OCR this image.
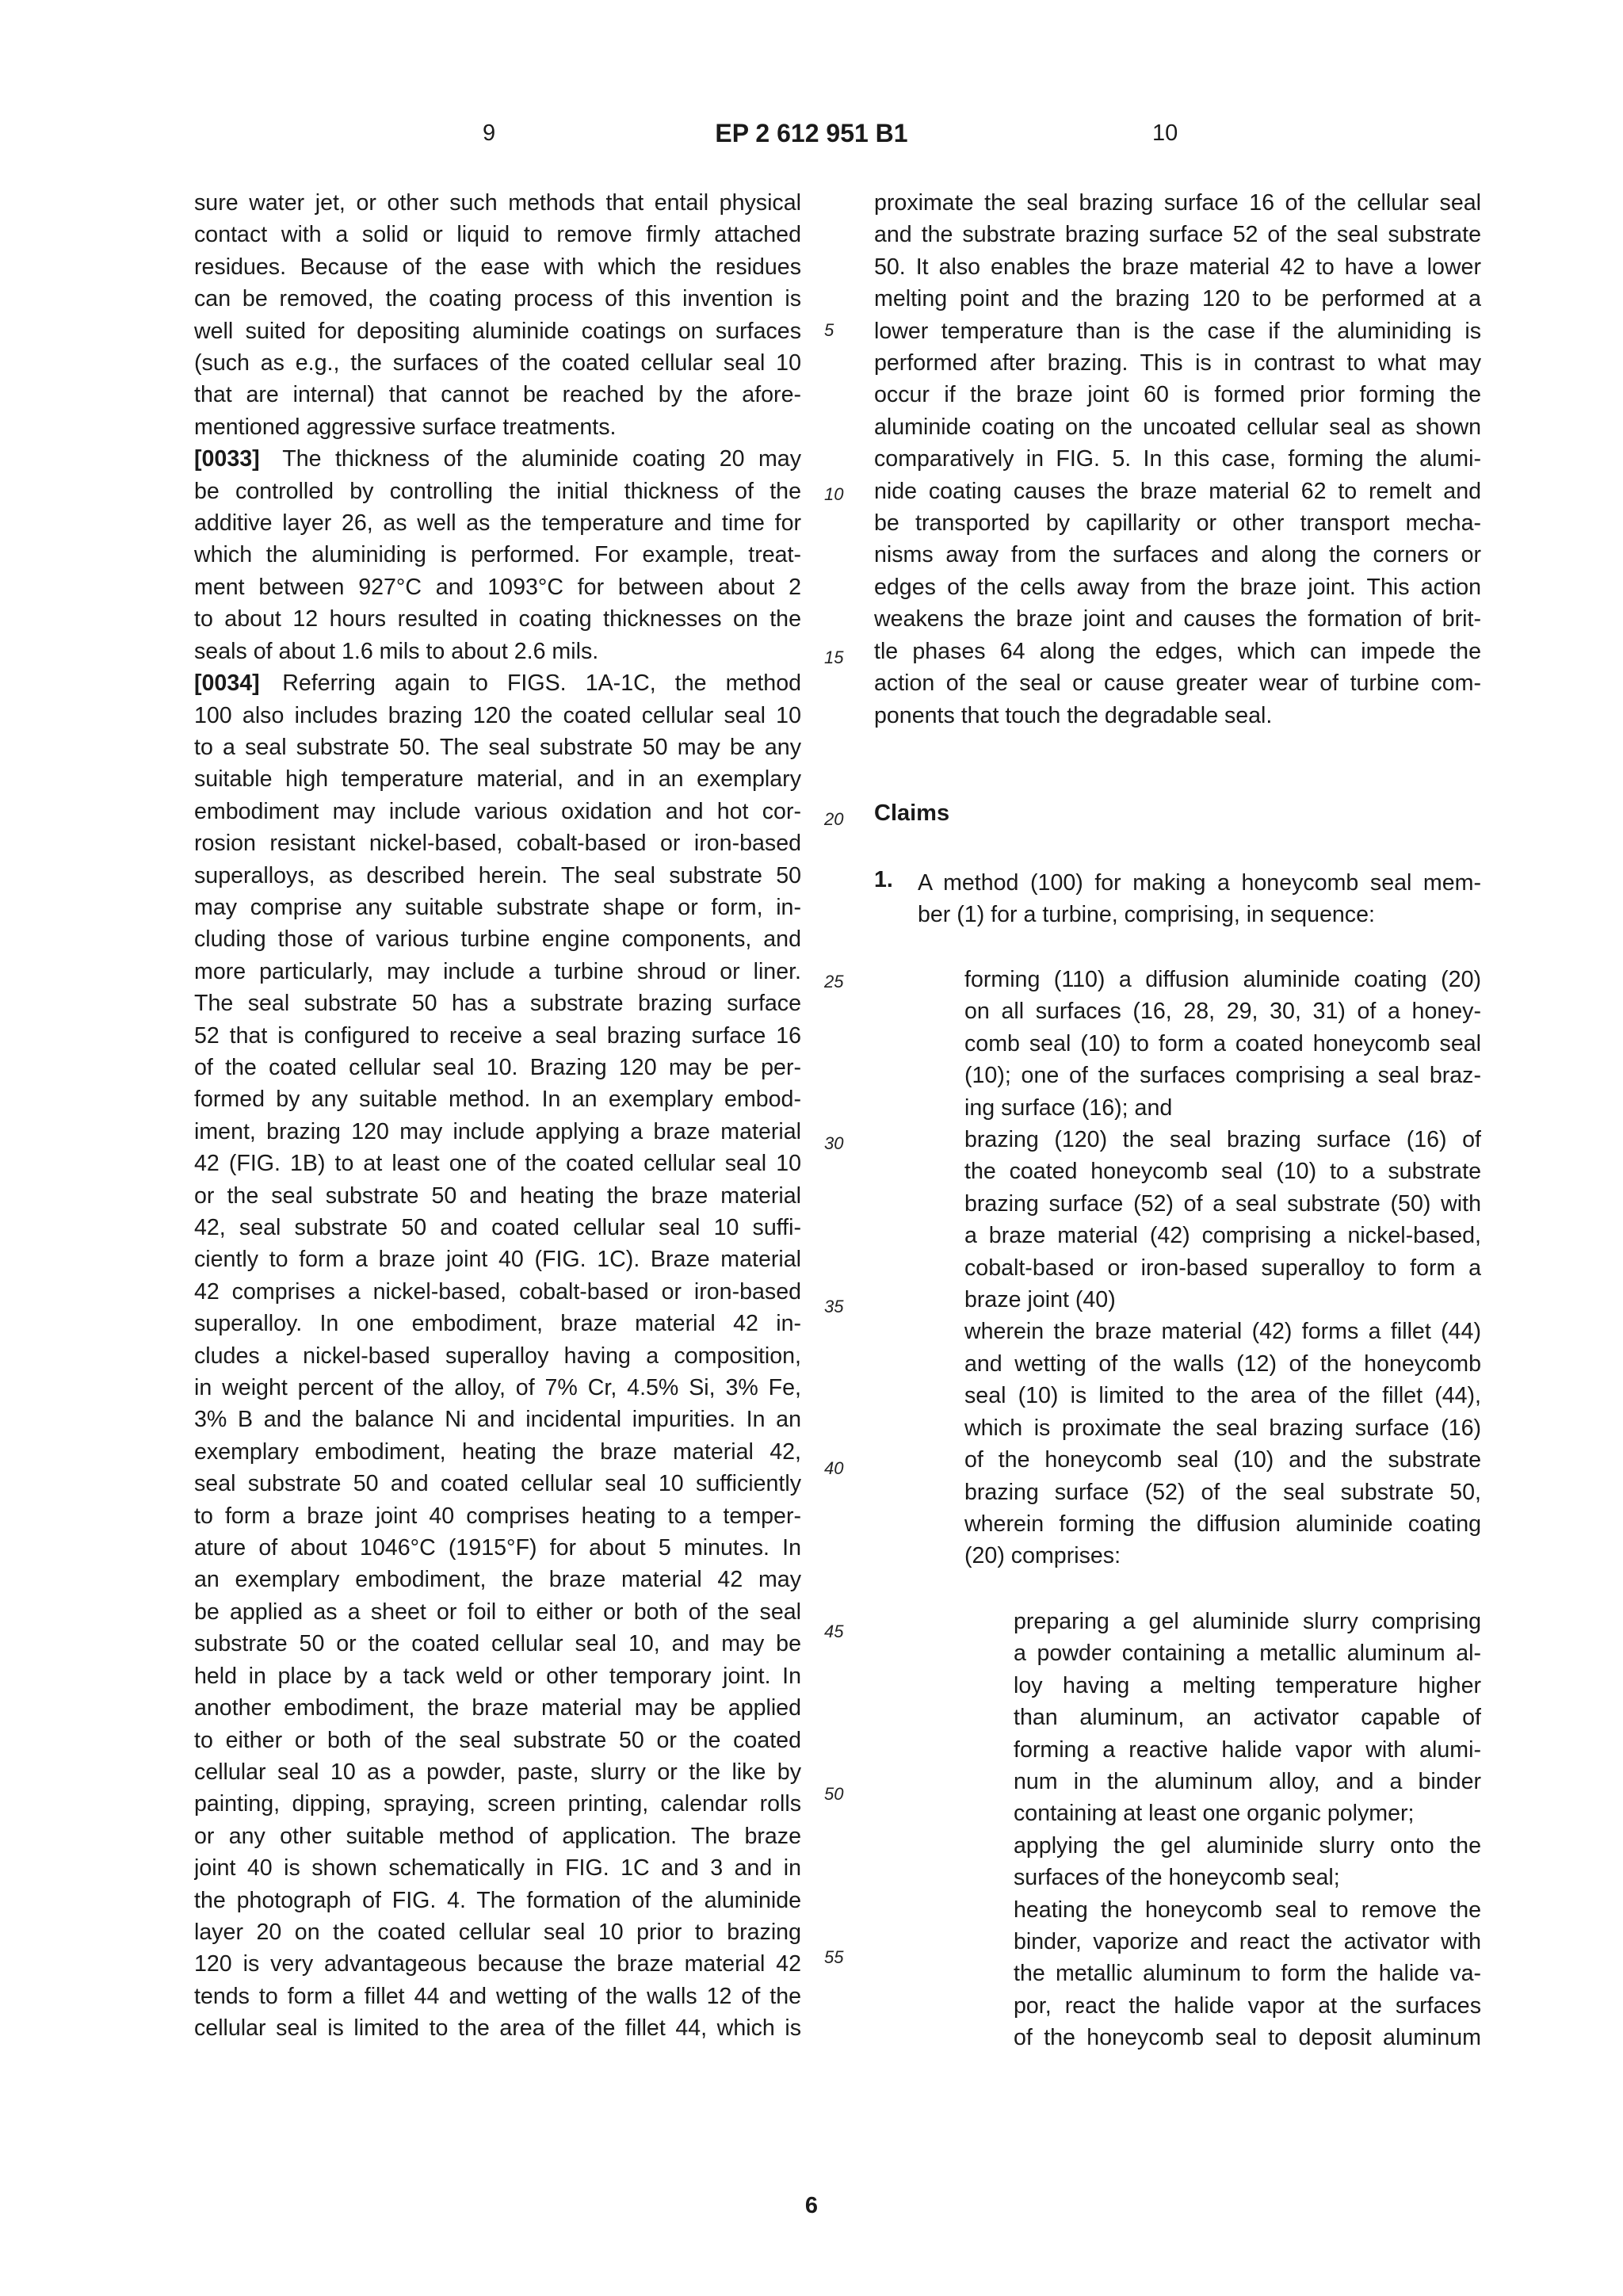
9	EP 2 612 951 B1	10
sure water jet, or other such methods that entail physical
contact with a solid or liquid to remove firmly attached
residues. Because of the ease with which the residues
can be removed, the coating process of this invention is
well suited for depositing aluminide coatings on surfaces
(such as e.g., the surfaces of the coated cellular seal 10
that are internal) that cannot be reached by the afore-
mentioned aggressive surface treatments.
[0033] The thickness of the aluminide coating 20 may
be controlled by controlling the initial thickness of the
additive layer 26, as well as the temperature and time for
which the aluminiding is performed. For example, treat-
ment between 927°C and 1093°C for between about 2
to about 12 hours resulted in coating thicknesses on the
seals of about 1.6 mils to about 2.6 mils.
[0034] Referring again to FIGS. 1A-1C, the method
100 also includes brazing 120 the coated cellular seal 10
to a seal substrate 50. The seal substrate 50 may be any
suitable high temperature material, and in an exemplary
embodiment may include various oxidation and hot cor-
rosion resistant nickel-based, cobalt-based or iron-based
superalloys, as described herein. The seal substrate 50
may comprise any suitable substrate shape or form, in-
cluding those of various turbine engine components, and
more particularly, may include a turbine shroud or liner.
The seal substrate 50 has a substrate brazing surface
52 that is configured to receive a seal brazing surface 16
of the coated cellular seal 10. Brazing 120 may be per-
formed by any suitable method. In an exemplary embod-
iment, brazing 120 may include applying a braze material
42 (FIG. 1B) to at least one of the coated cellular seal 10
or the seal substrate 50 and heating the braze material
42, seal substrate 50 and coated cellular seal 10 suffi-
ciently to form a braze joint 40 (FIG. 1C). Braze material
42 comprises a nickel-based, cobalt-based or iron-based
superalloy. In one embodiment, braze material 42 in-
cludes a nickel-based superalloy having a composition,
in weight percent of the alloy, of 7% Cr, 4.5% Si, 3% Fe,
3% B and the balance Ni and incidental impurities. In an
exemplary embodiment, heating the braze material 42,
seal substrate 50 and coated cellular seal 10 sufficiently
to form a braze joint 40 comprises heating to a temper-
ature of about 1046°C (1915°F) for about 5 minutes. In
an exemplary embodiment, the braze material 42 may
be applied as a sheet or foil to either or both of the seal
substrate 50 or the coated cellular seal 10, and may be
held in place by a tack weld or other temporary joint. In
another embodiment, the braze material may be applied
to either or both of the seal substrate 50 or the coated
cellular seal 10 as a powder, paste, slurry or the like by
painting, dipping, spraying, screen printing, calendar rolls
or any other suitable method of application. The braze
joint 40 is shown schematically in FIG. 1C and 3 and in
the photograph of FIG. 4. The formation of the aluminide
layer 20 on the coated cellular seal 10 prior to brazing
120 is very advantageous because the braze material 42
tends to form a fillet 44 and wetting of the walls 12 of the
cellular seal is limited to the area of the fillet 44, which is
proximate the seal brazing surface 16 of the cellular seal
and the substrate brazing surface 52 of the seal substrate
50. It also enables the braze material 42 to have a lower
melting point and the brazing 120 to be performed at a
lower temperature than is the case if the aluminiding is
performed after brazing. This is in contrast to what may
occur if the braze joint 60 is formed prior forming the
aluminide coating on the uncoated cellular seal as shown
comparatively in FIG. 5. In this case, forming the alumi-
nide coating causes the braze material 62 to remelt and
be transported by capillarity or other transport mecha-
nisms away from the surfaces and along the corners or
edges of the cells away from the braze joint. This action
weakens the braze joint and causes the formation of brit-
tle phases 64 along the edges, which can impede the
action of the seal or cause greater wear of turbine com-
ponents that touch the degradable seal.
Claims
1. A method (100) for making a honeycomb seal mem-
ber (1) for a turbine, comprising, in sequence:
forming (110) a diffusion aluminide coating (20)
on all surfaces (16, 28, 29, 30, 31) of a honey-
comb seal (10) to form a coated honeycomb seal
(10); one of the surfaces comprising a seal braz-
ing surface (16); and
brazing (120) the seal brazing surface (16) of
the coated honeycomb seal (10) to a substrate
brazing surface (52) of a seal substrate (50) with
a braze material (42) comprising a nickel-based,
cobalt-based or iron-based superalloy to form a
braze joint (40)
wherein the braze material (42) forms a fillet (44)
and wetting of the walls (12) of the honeycomb
seal (10) is limited to the area of the fillet (44),
which is proximate the seal brazing surface (16)
of the honeycomb seal (10) and the substrate
brazing surface (52) of the seal substrate 50,
wherein forming the diffusion aluminide coating
(20) comprises:
preparing a gel aluminide slurry comprising
a powder containing a metallic aluminum al-
loy having a melting temperature higher
than aluminum, an activator capable of
forming a reactive halide vapor with alumi-
num in the aluminum alloy, and a binder
containing at least one organic polymer;
applying the gel aluminide slurry onto the
surfaces of the honeycomb seal;
heating the honeycomb seal to remove the
binder, vaporize and react the activator with
the metallic aluminum to form the halide va-
por, react the halide vapor at the surfaces
of the honeycomb seal to deposit aluminum
5
10
15
20
25
30
35
40
45
50
55
6
